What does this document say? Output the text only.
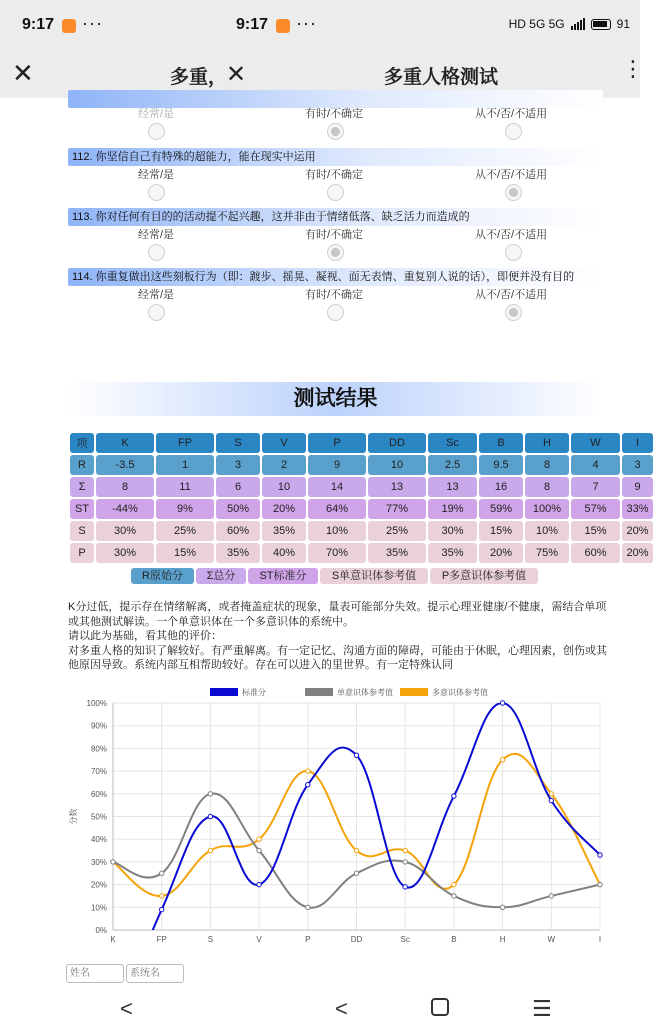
9:17 ···	9:17 ···	HD 5G 5G	91
✕	多重，
✕	多重人格测试	⋮
经常/是	有时/不确定	从不/否/不适用
112. 你坚信自己有特殊的超能力，能在现实中运用
经常/是	有时/不确定	从不/否/不适用
113. 你对任何有目的的活动提不起兴趣，这并非由于情绪低落、缺乏活力而造成的
经常/是	有时/不确定	从不/否/不适用
114. 你重复做出这些刻板行为（即：踱步、摇晃、凝视、面无表情、重复别人说的话），即便并没有目的
经常/是	有时/不确定	从不/否/不适用
测试结果
项	K	FP	S	V	P	DD	Sc	B	H	W	I
R	-3.5	1	3	2	9	10	2.5	9.5	8	4	3
Σ	8	11	6	10	14	13	13	16	8	7	9
ST	-44%	9%	50%	20%	64%	77%	19%	59%	100%	57%	33%
S	30%	25%	60%	35%	10%	25%	30%	15%	10%	15%	20%
P	30%	15%	35%	40%	70%	35%	35%	20%	75%	60%	20%
R原始分	Σ总分	ST标准分	S单意识体参考值	P多意识体参考值
K分过低，提示存在情绪解离，或者掩盖症状的现象，量表可能部分失效。提示心理亚健康/不健康，需结合单项或其他测试解读。一个单意识体在一个多意识体的系统中。
请以此为基础，看其他的评价：
对多重人格的知识了解较好。有严重解离。有一定记忆、沟通方面的障碍，可能由于休眠，心理因素，创伤或其他原因导致。系统内部互相帮助较好。存在可以进入的里世界。有一定特殊认同
0%
10%
20%
30%
40%
50%
60%
70%
80%
90%
100%
K	FP	S	V	P	DD	Sc	B	H	W	I
分数
标准分	单意识体参考值	多意识体参考值
姓名	系统名
<	<	☰
